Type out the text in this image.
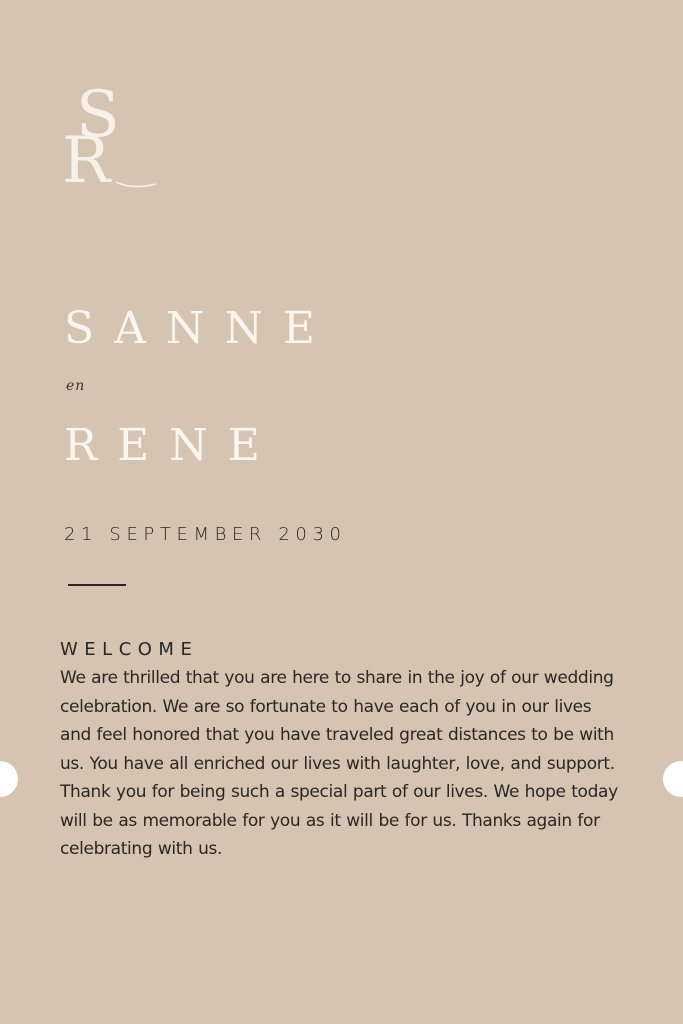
S
R
SANNE
en
RENE
21 SEPTEMBER 2030
WELCOME
We are thrilled that you are here to share in the joy of our wedding celebration. We are so fortunate to have each of you in our lives and feel honored that you have traveled great distances to be with us. You have all enriched our lives with laughter, love, and support. Thank you for being such a special part of our lives. We hope today will be as memorable for you as it will be for us. Thanks again for celebrating with us.
